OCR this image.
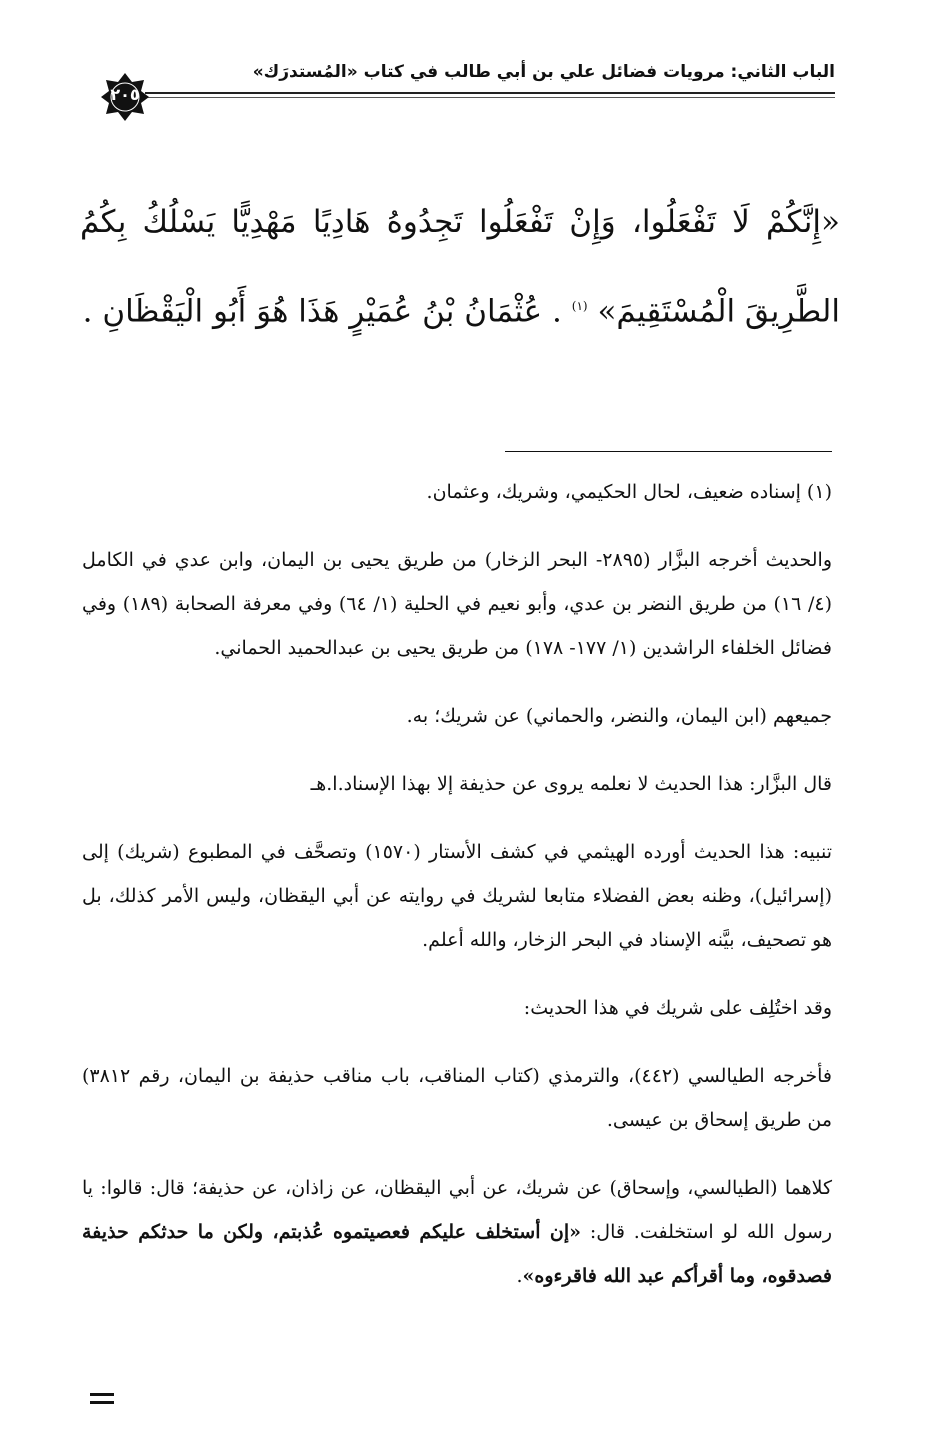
الباب الثاني: مرويات فضائل علي بن أبي طالب في كتاب «المُستدرَك»
٢٠٥
«إِنَّكُمْ لَا تَفْعَلُوا، وَإِنْ تَفْعَلُوا تَجِدُوهُ هَادِيًا مَهْدِيًّا يَسْلُكُ بِكُمُ الطَّرِيقَ الْمُسْتَقِيمَ» $^{(١)}$ . عُثْمَانُ بْنُ عُمَيْرٍ هَذَا هُوَ أَبُو الْيَقْظَانِ .

(١) إسناده ضعيف، لحال الحكيمي، وشريك، وعثمان.

والحديث أخرجه البزَّار (٢٨٩٥- البحر الزخار) من طريق يحيى بن اليمان، وابن عدي في الكامل (٤/ ١٦) من طريق النضر بن عدي، وأبو نعيم في الحلية (١/ ٦٤) وفي معرفة الصحابة (١٨٩) وفي فضائل الخلفاء الراشدين (١/ ١٧٧- ١٧٨) من طريق يحيى بن عبدالحميد الحماني.

جميعهم (ابن اليمان، والنضر، والحماني) عن شريك؛ به.

قال البزَّار: هذا الحديث لا نعلمه يروى عن حذيفة إلا بهذا الإسناد.ا.هـ

تنبيه: هذا الحديث أورده الهيثمي في كشف الأستار (١٥٧٠) وتصحَّف في المطبوع (شريك) إلى (إسرائيل)، وظنه بعض الفضلاء متابعا لشريك في روايته عن أبي اليقظان، وليس الأمر كذلك، بل هو تصحيف، بيَّنه الإسناد في البحر الزخار، والله أعلم.

وقد اختُلِف على شريك في هذا الحديث:

فأخرجه الطيالسي (٤٤٢)، والترمذي (كتاب المناقب، باب مناقب حذيفة بن اليمان، رقم ٣٨١٢) من طريق إسحاق بن عيسى.

كلاهما (الطيالسي، وإسحاق) عن شريك، عن أبي اليقظان، عن زاذان، عن حذيفة؛ قال: قالوا: يا رسول الله لو استخلفت. قال: «إن أستخلف عليكم فعصيتموه عُذبتم، ولكن ما حدثكم حذيفة فصدقوه، وما أقرأكم عبد الله فاقرءوه».
